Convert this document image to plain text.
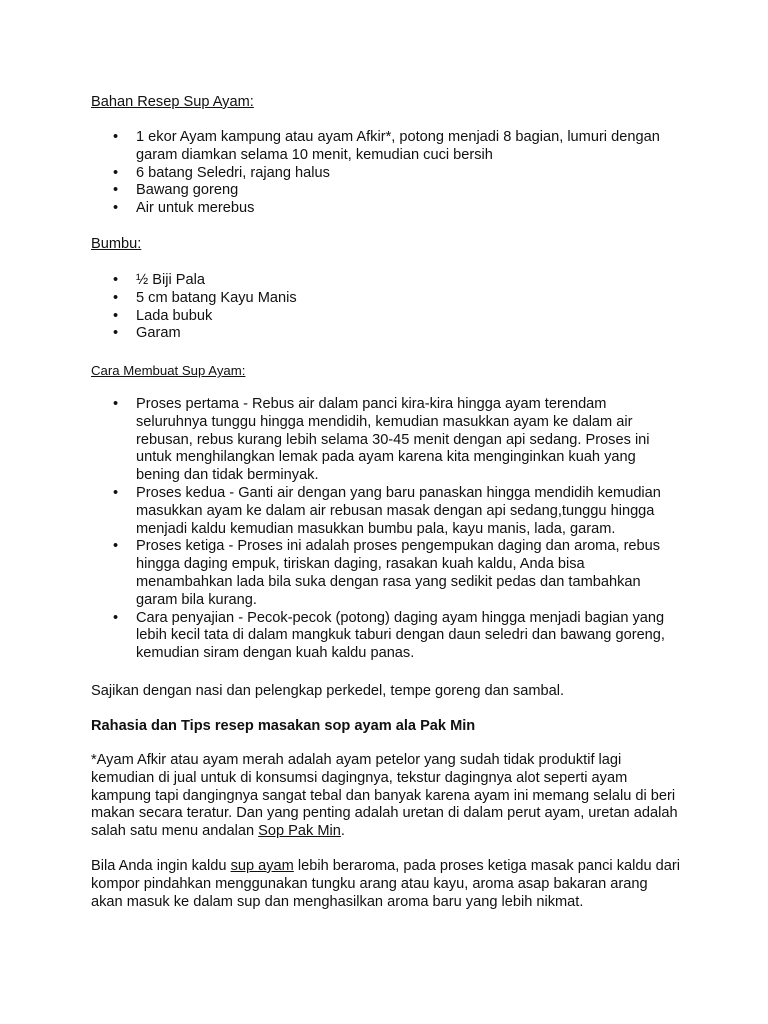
Bahan Resep Sup Ayam:

• 1 ekor Ayam kampung atau ayam Afkir*, potong menjadi 8 bagian, lumuri dengan garam diamkan selama 10 menit, kemudian cuci bersih
• 6 batang Seledri, rajang halus
• Bawang goreng
• Air untuk merebus

Bumbu:

• ½ Biji Pala
• 5 cm batang Kayu Manis
• Lada bubuk
• Garam

Cara Membuat Sup Ayam:

• Proses pertama - Rebus air dalam panci kira-kira hingga ayam terendam seluruhnya tunggu hingga mendidih, kemudian masukkan ayam ke dalam air rebusan, rebus kurang lebih selama 30-45 menit dengan api sedang. Proses ini untuk menghilangkan lemak pada ayam karena kita menginginkan kuah yang bening dan tidak berminyak.
• Proses kedua - Ganti air dengan yang baru panaskan hingga mendidih kemudian masukkan ayam ke dalam air rebusan masak dengan api sedang,tunggu hingga menjadi kaldu kemudian masukkan bumbu pala, kayu manis, lada, garam.
• Proses ketiga - Proses ini adalah proses pengempukan daging dan aroma, rebus hingga daging empuk, tiriskan daging, rasakan kuah kaldu, Anda bisa menambahkan lada bila suka dengan rasa yang sedikit pedas dan tambahkan garam bila kurang.
• Cara penyajian - Pecok-pecok (potong) daging ayam hingga menjadi bagian yang lebih kecil tata di dalam mangkuk taburi dengan daun seledri dan bawang goreng, kemudian siram dengan kuah kaldu panas.

Sajikan dengan nasi dan pelengkap perkedel, tempe goreng dan sambal.

Rahasia dan Tips resep masakan sop ayam ala Pak Min

*Ayam Afkir atau ayam merah adalah ayam petelor yang sudah tidak produktif lagi kemudian di jual untuk di konsumsi dagingnya, tekstur dagingnya alot seperti ayam kampung tapi dangingnya sangat tebal dan banyak karena ayam ini memang selalu di beri makan secara teratur. Dan yang penting adalah uretan di dalam perut ayam, uretan adalah salah satu menu andalan Sop Pak Min.

Bila Anda ingin kaldu sup ayam lebih beraroma, pada proses ketiga masak panci kaldu dari kompor pindahkan menggunakan tungku arang atau kayu, aroma asap bakaran arang akan masuk ke dalam sup dan menghasilkan aroma baru yang lebih nikmat.
